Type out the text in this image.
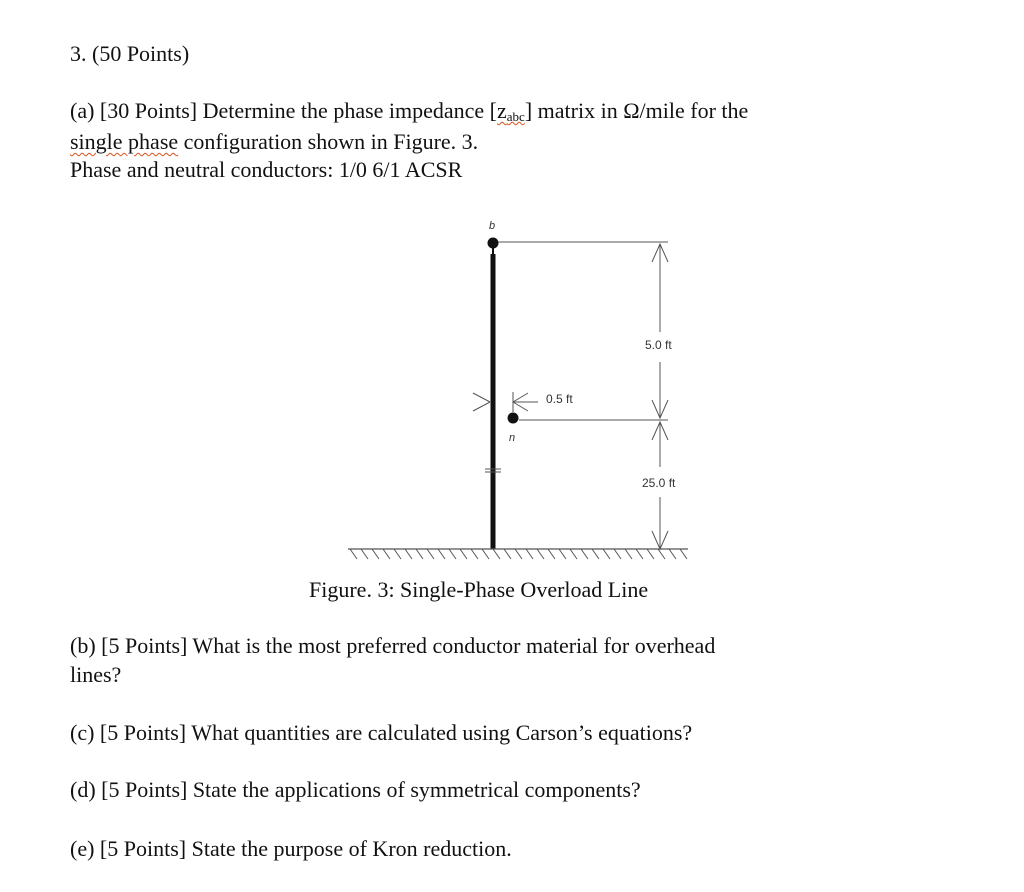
3. (50 Points)
(a) [30 Points] Determine the phase impedance $[z_{abc}]$ matrix in Ω/mile for the
single phase configuration shown in Figure. 3.
Phase and neutral conductors: 1/0 6/1 ACSR
b
n
0.5 ft
5.0 ft
25.0 ft
Figure. 3: Single-Phase Overload Line
(b) [5 Points] What is the most preferred conductor material for overhead
lines?
(c) [5 Points] What quantities are calculated using Carson’s equations?
(d) [5 Points] State the applications of symmetrical components?
(e) [5 Points] State the purpose of Kron reduction.
